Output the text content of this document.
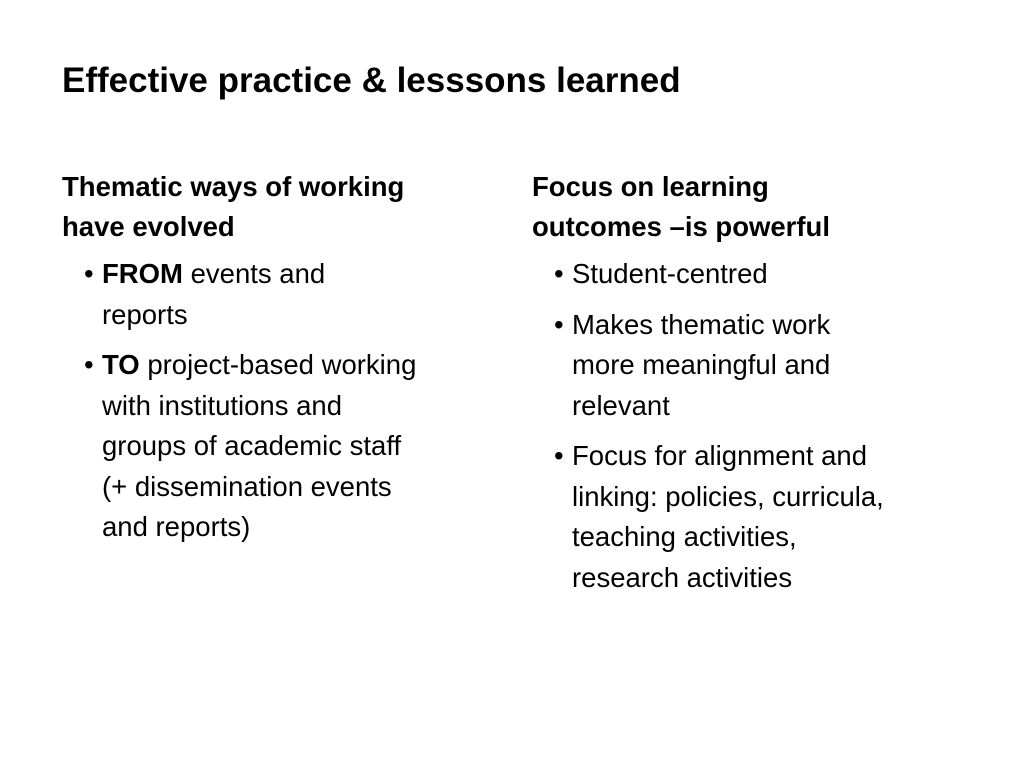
Effective practice & lesssons learned
Thematic ways of working
have evolved
• FROM events and
reports
• TO project-based working
with institutions and
groups of academic staff
(+ dissemination events
and reports)
Focus on learning
outcomes –is powerful
• Student-centred
• Makes thematic work
more meaningful and
relevant
• Focus for alignment and
linking: policies, curricula,
teaching activities,
research activities
